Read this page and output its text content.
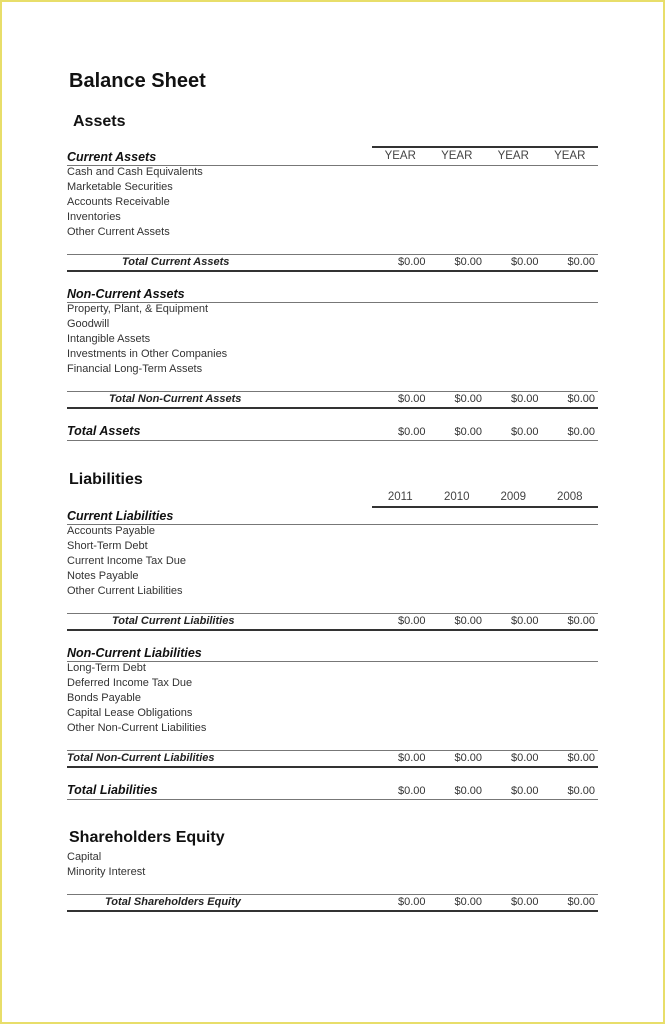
Balance Sheet
Assets
YEAR	YEAR	YEAR	YEAR
Current Assets
Cash and Cash Equivalents
Marketable Securities
Accounts Receivable
Inventories
Other Current Assets
Total Current Assets	$0.00	$0.00	$0.00	$0.00
Non-Current Assets
Property, Plant, & Equipment
Goodwill
Intangible Assets
Investments in Other Companies
Financial Long-Term Assets
Total Non-Current Assets	$0.00	$0.00	$0.00	$0.00
Total Assets	$0.00	$0.00	$0.00	$0.00
Liabilities
2011	2010	2009	2008
Current Liabilities
Accounts Payable
Short-Term Debt
Current Income Tax Due
Notes Payable
Other Current Liabilities
Total Current Liabilities	$0.00	$0.00	$0.00	$0.00
Non-Current Liabilities
Long-Term Debt
Deferred Income Tax Due
Bonds Payable
Capital Lease Obligations
Other Non-Current Liabilities
Total Non-Current Liabilities	$0.00	$0.00	$0.00	$0.00
Total Liabilities	$0.00	$0.00	$0.00	$0.00
Shareholders Equity
Capital
Minority Interest
Total Shareholders Equity	$0.00	$0.00	$0.00	$0.00
